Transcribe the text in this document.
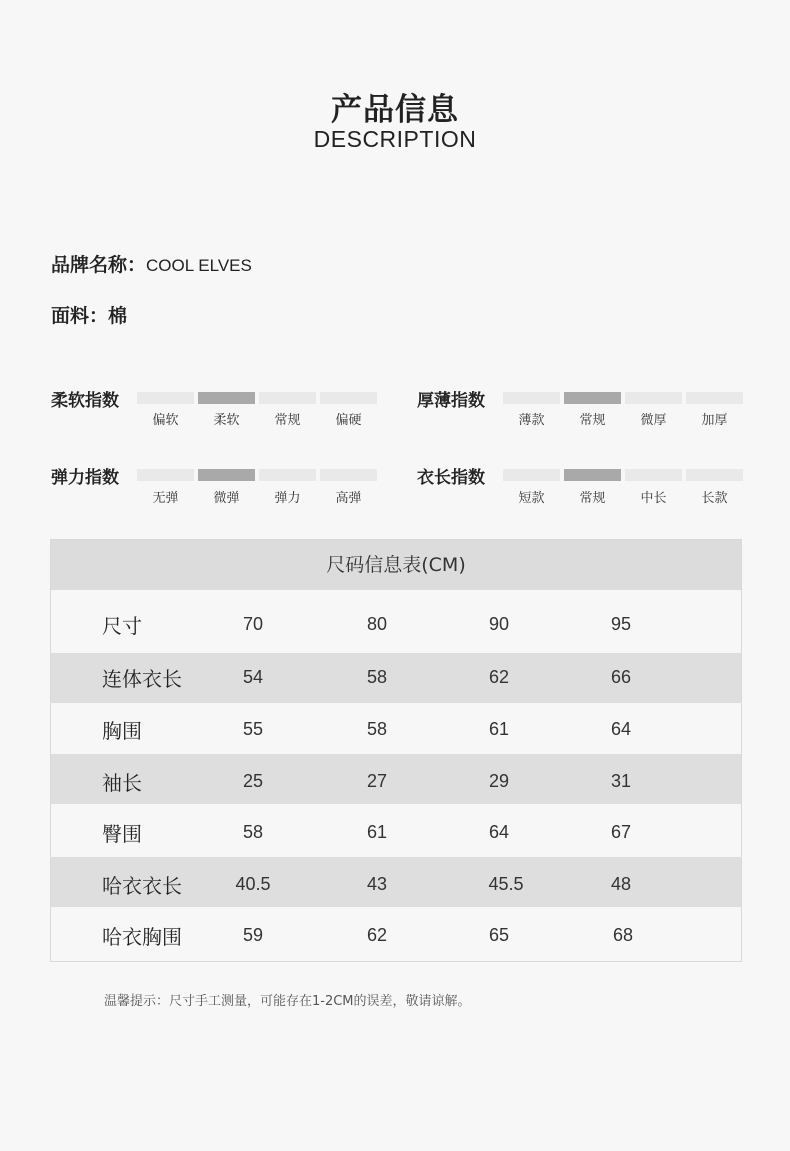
产品信息
DESCRIPTION
品牌名称：COOL ELVES
面料：棉
柔软指数
偏软	柔软	常规	偏硬
厚薄指数
薄款	常规	微厚	加厚
弹力指数
无弹	微弹	弹力	高弹
衣长指数
短款	常规	中长	长款
尺码信息表(CM)
尺寸	70	80	90	95
连体衣长	54	58	62	66
胸围	55	58	61	64
袖长	25	27	29	31
臀围	58	61	64	67
哈衣衣长	40.5	43	45.5	48
哈衣胸围	59	62	65	68
温馨提示：尺寸手工测量，可能存在1-2CM的误差，敬请谅解。
